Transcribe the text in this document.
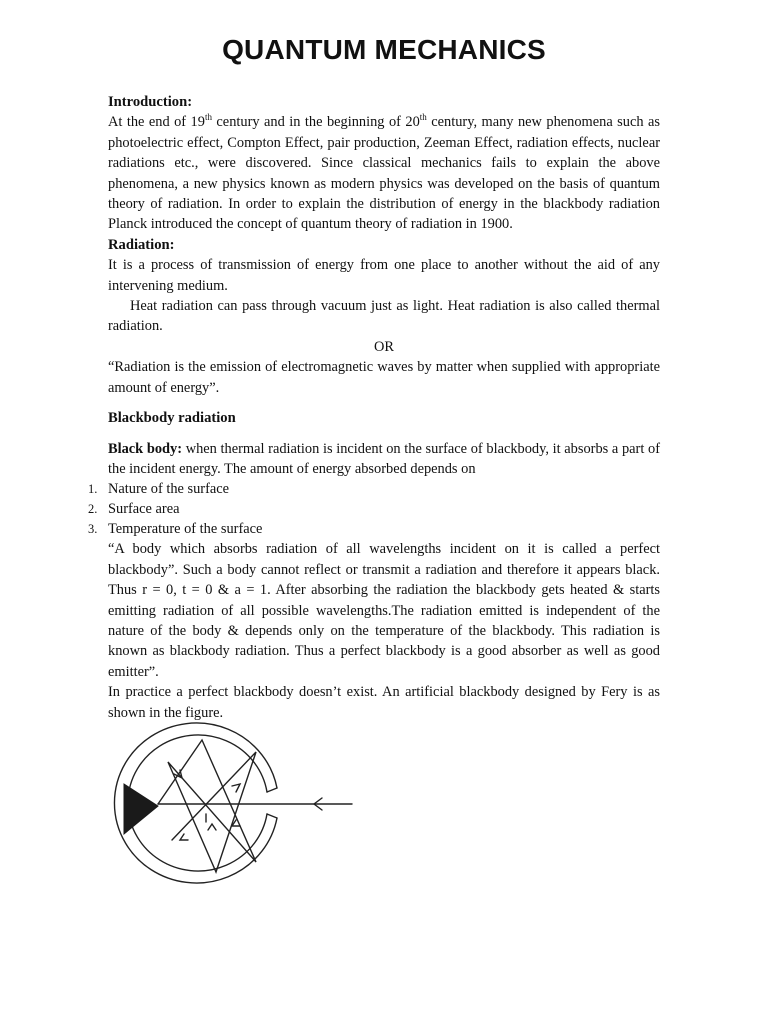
QUANTUM MECHANICS
Introduction:

At the end of 19th century and in the beginning of 20th century, many new phenomena such as photoelectric effect, Compton Effect, pair production, Zeeman Effect, radiation effects, nuclear radiations etc., were discovered. Since classical mechanics fails to explain the above phenomena, a new physics known as modern physics was developed on the basis of quantum theory of radiation. In order to explain the distribution of energy in the blackbody radiation Planck introduced the concept of quantum theory of radiation in 1900.

Radiation:

It is a process of transmission of energy from one place to another without the aid of any intervening medium.

Heat radiation can pass through vacuum just as light. Heat radiation is also called thermal radiation.

OR

“Radiation is the emission of electromagnetic waves by matter when supplied with appropriate amount of energy”.

Blackbody radiation

Black body: when thermal radiation is incident on the surface of blackbody, it absorbs a part of the incident energy. The amount of energy absorbed depends on

1. Nature of the surface
2. Surface area
3. Temperature of the surface

“A body which absorbs radiation of all wavelengths incident on it is called a perfect blackbody”. Such a body cannot reflect or transmit a radiation and therefore it appears black. Thus r = 0, t = 0 & a = 1. After absorbing the radiation the blackbody gets heated & starts emitting radiation of all possible wavelengths.The radiation emitted is independent of the nature of the body & depends only on the temperature of the blackbody. This radiation is known as blackbody radiation. Thus a perfect blackbody is a good absorber as well as good emitter”.

In practice a perfect blackbody doesn’t exist. An artificial blackbody designed by Fery is as shown in the figure.
